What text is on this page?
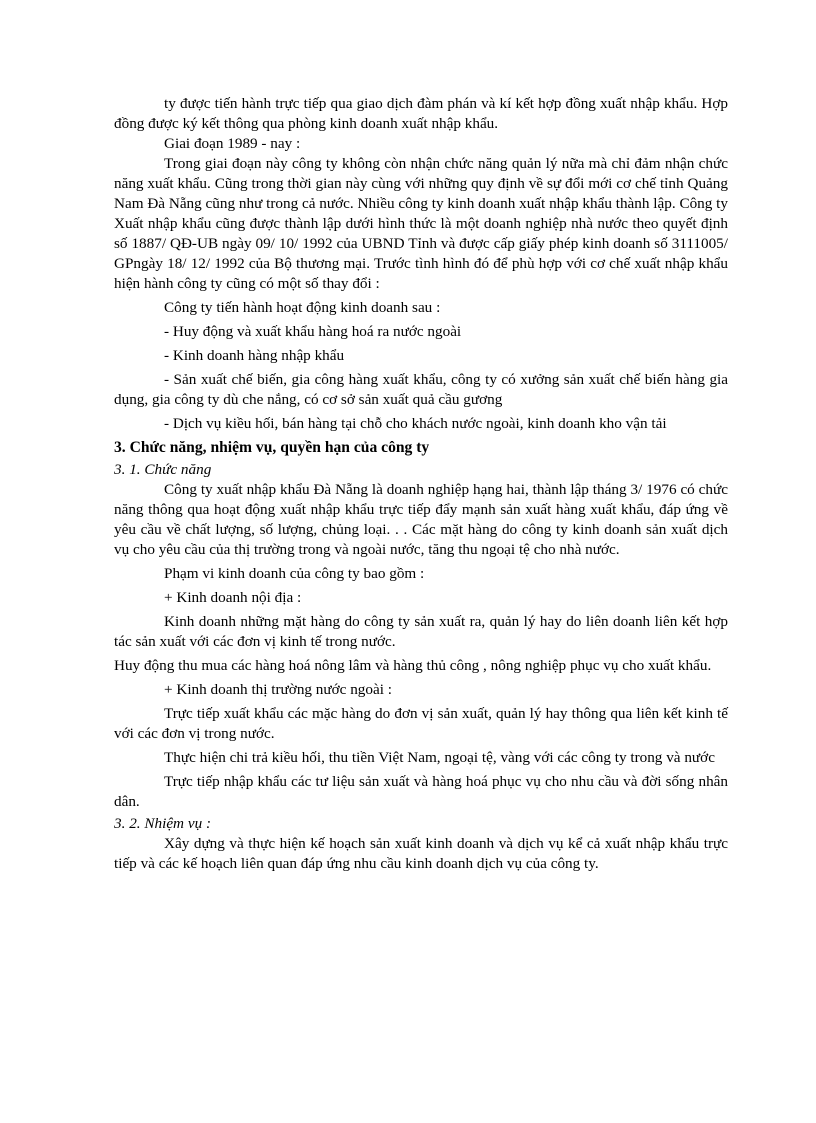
ty được tiến hành trực tiếp qua giao dịch đàm phán và kí kết hợp đồng xuất nhập khẩu. Hợp đồng được ký kết thông qua phòng kinh doanh xuất nhập khẩu.

Giai đoạn 1989 - nay :

Trong giai đoạn này công ty không còn nhận chức năng quản lý nữa mà chỉ đảm nhận chức năng xuất khẩu. Cũng trong thời gian này cùng với những quy định về sự đổi mới cơ chế tỉnh Quảng Nam Đà Nẵng cũng như trong cả nước. Nhiều công ty kinh doanh xuất nhập khẩu thành lập. Công ty Xuất nhập khẩu cũng được thành lập dưới hình thức là một doanh nghiệp nhà nước theo quyết định số 1887/ QĐ-UB ngày 09/ 10/ 1992 của UBND Tỉnh và được cấp giấy phép kinh doanh số 3111005/ GPngày 18/ 12/ 1992 của Bộ thương mại. Trước tình hình đó để phù hợp với cơ chế xuất nhập khẩu hiện hành công ty cũng có một số thay đổi :

Công ty tiến hành hoạt động kinh doanh sau :

- Huy động và xuất khẩu hàng hoá ra nước ngoài

- Kinh doanh hàng nhập khẩu

- Sản xuất chế biến, gia công hàng xuất khẩu, công ty có xưởng sản xuất chế biến hàng gia dụng, gia công ty dù che nắng, có cơ sở sản xuất quả cầu gương

- Dịch vụ kiều hối, bán hàng tại chỗ cho khách nước ngoài, kinh doanh kho vận tải

3. Chức năng, nhiệm vụ, quyền hạn của công ty

3. 1. Chức năng

Công ty xuất nhập khẩu Đà Nẵng là doanh nghiệp hạng hai, thành lập tháng 3/ 1976 có chức năng thông qua hoạt động xuất nhập khẩu trực tiếp đẩy mạnh sản xuất hàng xuất khẩu, đáp ứng về yêu cầu về chất lượng, số lượng, chủng loại. . . Các mặt hàng do công ty kinh doanh sản xuất dịch vụ cho yêu cầu của thị trường trong và ngoài nước, tăng thu ngoại tệ cho nhà nước.

Phạm vi kinh doanh của công ty bao gồm :

+ Kinh doanh nội địa :

Kinh doanh những mặt hàng do công ty sản xuất ra, quản lý hay do liên doanh liên kết hợp tác sản xuất với các đơn vị kinh tế trong nước.

Huy động thu mua các hàng hoá nông lâm và hàng thủ công , nông nghiệp phục vụ cho xuất khẩu.

+ Kinh doanh thị trường nước ngoài :

Trực tiếp xuất khẩu các mặc hàng do đơn vị sản xuất, quản lý hay thông qua liên kết kinh tế với các đơn vị trong nước.

Thực hiện chi trả kiều hối, thu tiền Việt Nam, ngoại tệ, vàng với các công ty trong và nước

Trực tiếp nhập khẩu các tư liệu sản xuất và hàng hoá phục vụ cho nhu cầu và đời sống nhân dân.

3. 2. Nhiệm vụ :

Xây dựng và thực hiện kế hoạch sản xuất kinh doanh và dịch vụ kể cả xuất nhập khẩu trực tiếp và các kế hoạch liên quan đáp ứng nhu cầu kinh doanh dịch vụ của công ty.
